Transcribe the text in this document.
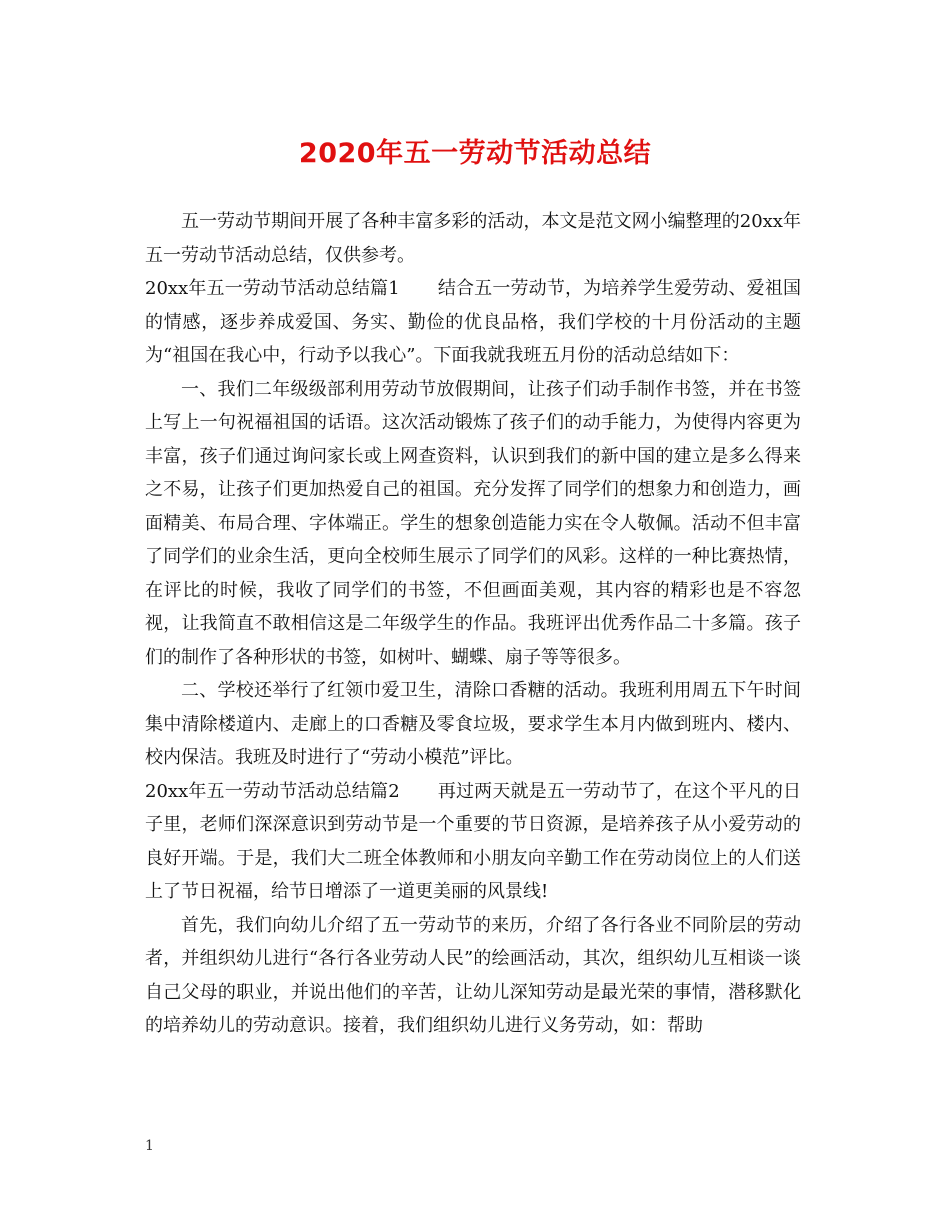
2020年五一劳动节活动总结

五一劳动节期间开展了各种丰富多彩的活动，本文是范文网小编整理的20xx年五一劳动节活动总结，仅供参考。

20xx年五一劳动节活动总结篇1 结合五一劳动节，为培养学生爱劳动、爱祖国的情感，逐步养成爱国、务实、勤俭的优良品格，我们学校的十月份活动的主题为“祖国在我心中，行动予以我心”。下面我就我班五月份的活动总结如下：

一、我们二年级级部利用劳动节放假期间，让孩子们动手制作书签，并在书签上写上一句祝福祖国的话语。这次活动锻炼了孩子们的动手能力，为使得内容更为丰富，孩子们通过询问家长或上网查资料，认识到我们的新中国的建立是多么得来之不易，让孩子们更加热爱自己的祖国。充分发挥了同学们的想象力和创造力，画面精美、布局合理、字体端正。学生的想象创造能力实在令人敬佩。活动不但丰富了同学们的业余生活，更向全校师生展示了同学们的风彩。这样的一种比赛热情，在评比的时候，我收了同学们的书签，不但画面美观，其内容的精彩也是不容忽视，让我简直不敢相信这是二年级学生的作品。我班评出优秀作品二十多篇。孩子们的制作了各种形状的书签，如树叶、蝴蝶、扇子等等很多。

二、学校还举行了红领巾爱卫生，清除口香糖的活动。我班利用周五下午时间集中清除楼道内、走廊上的口香糖及零食垃圾，要求学生本月内做到班内、楼内、校内保洁。我班及时进行了“劳动小模范”评比。

20xx年五一劳动节活动总结篇2 再过两天就是五一劳动节了，在这个平凡的日子里，老师们深深意识到劳动节是一个重要的节日资源，是培养孩子从小爱劳动的良好开端。于是，我们大二班全体教师和小朋友向辛勤工作在劳动岗位上的人们送上了节日祝福，给节日增添了一道更美丽的风景线!

首先，我们向幼儿介绍了五一劳动节的来历，介绍了各行各业不同阶层的劳动者，并组织幼儿进行“各行各业劳动人民”的绘画活动，其次，组织幼儿互相谈一谈自己父母的职业，并说出他们的辛苦，让幼儿深知劳动是最光荣的事情，潜移默化的培养幼儿的劳动意识。接着，我们组织幼儿进行义务劳动，如：帮助

1
